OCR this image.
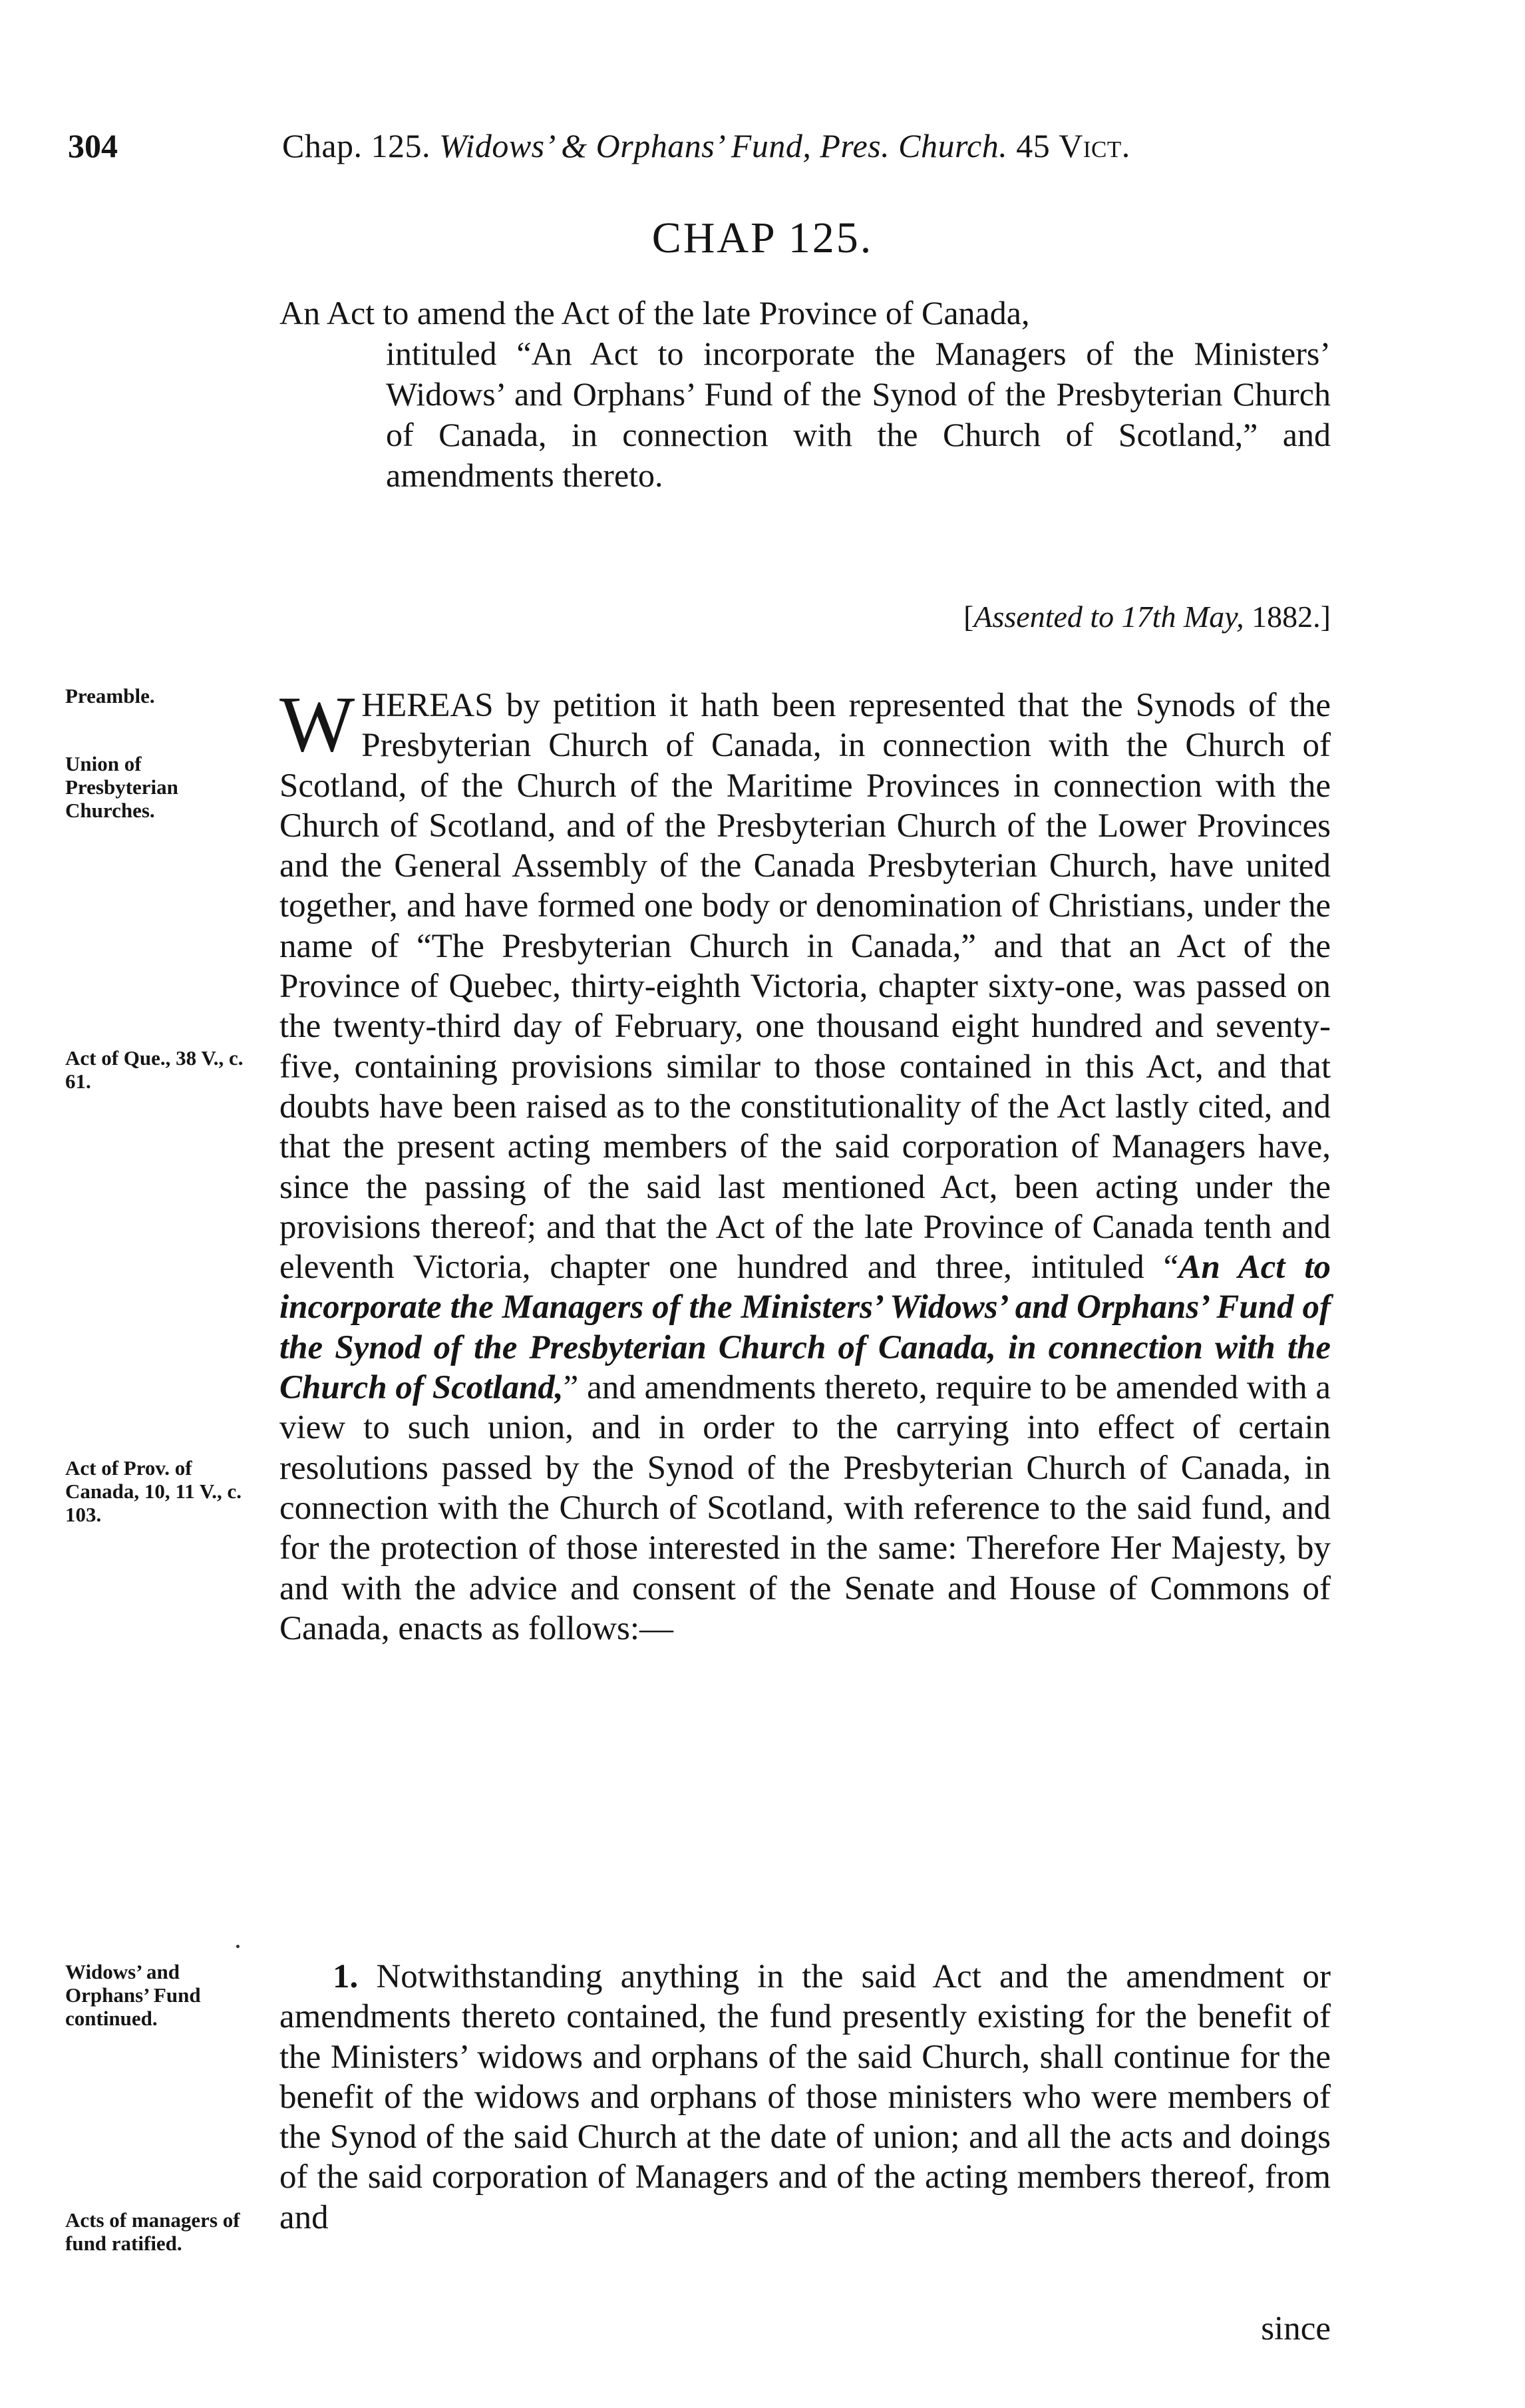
304	Chap. 125. Widows’ & Orphans’ Fund, Pres. Church. 45 Vict.
CHAP 125.
An Act to amend the Act of the late Province of Canada,
intituled “An Act to incorporate the Managers of the Ministers’ Widows’ and Orphans’ Fund of the Synod of the Presbyterian Church of Canada, in connection with the Church of Scotland,” and amendments thereto.
[Assented to 17th May, 1882.]
Preamble.
Union of Presbyterian Churches.
Act of Que., 38 V., c. 61.
Act of Prov. of Canada, 10, 11 V., c. 103.
Widows’ and Orphans’ Fund continued.
Acts of managers of fund ratified.
WHEREAS by petition it hath been represented that the Synods of the Presbyterian Church of Canada, in connection with the Church of Scotland, of the Church of the Maritime Provinces in connection with the Church of Scotland, and of the Presbyterian Church of the Lower Provinces and the General Assembly of the Canada Presbyterian Church, have united together, and have formed one body or denomination of Christians, under the name of “The Presbyterian Church in Canada,” and that an Act of the Province of Quebec, thirty-eighth Victoria, chapter sixty-one, was passed on the twenty-third day of February, one thousand eight hundred and seventy-five, containing provisions similar to those contained in this Act, and that doubts have been raised as to the constitutionality of the Act lastly cited, and that the present acting members of the said corporation of Managers have, since the passing of the said last mentioned Act, been acting under the provisions thereof; and that the Act of the late Province of Canada tenth and eleventh Victoria, chapter one hundred and three, intituled “An Act to incorporate the Managers of the Ministers’ Widows’ and Orphans’ Fund of the Synod of the Presbyterian Church of Canada, in connection with the Church of Scotland,” and amendments thereto, require to be amended with a view to such union, and in order to the carrying into effect of certain resolutions passed by the Synod of the Presbyterian Church of Canada, in connection with the Church of Scotland, with reference to the said fund, and for the protection of those interested in the same: Therefore Her Majesty, by and with the advice and consent of the Senate and House of Commons of Canada, enacts as follows:—
1. Notwithstanding anything in the said Act and the amendment or amendments thereto contained, the fund presently existing for the benefit of the Ministers’ widows and orphans of the said Church, shall continue for the benefit of the widows and orphans of those ministers who were members of the Synod of the said Church at the date of union; and all the acts and doings of the said corporation of Managers and of the acting members thereof, from and
since
